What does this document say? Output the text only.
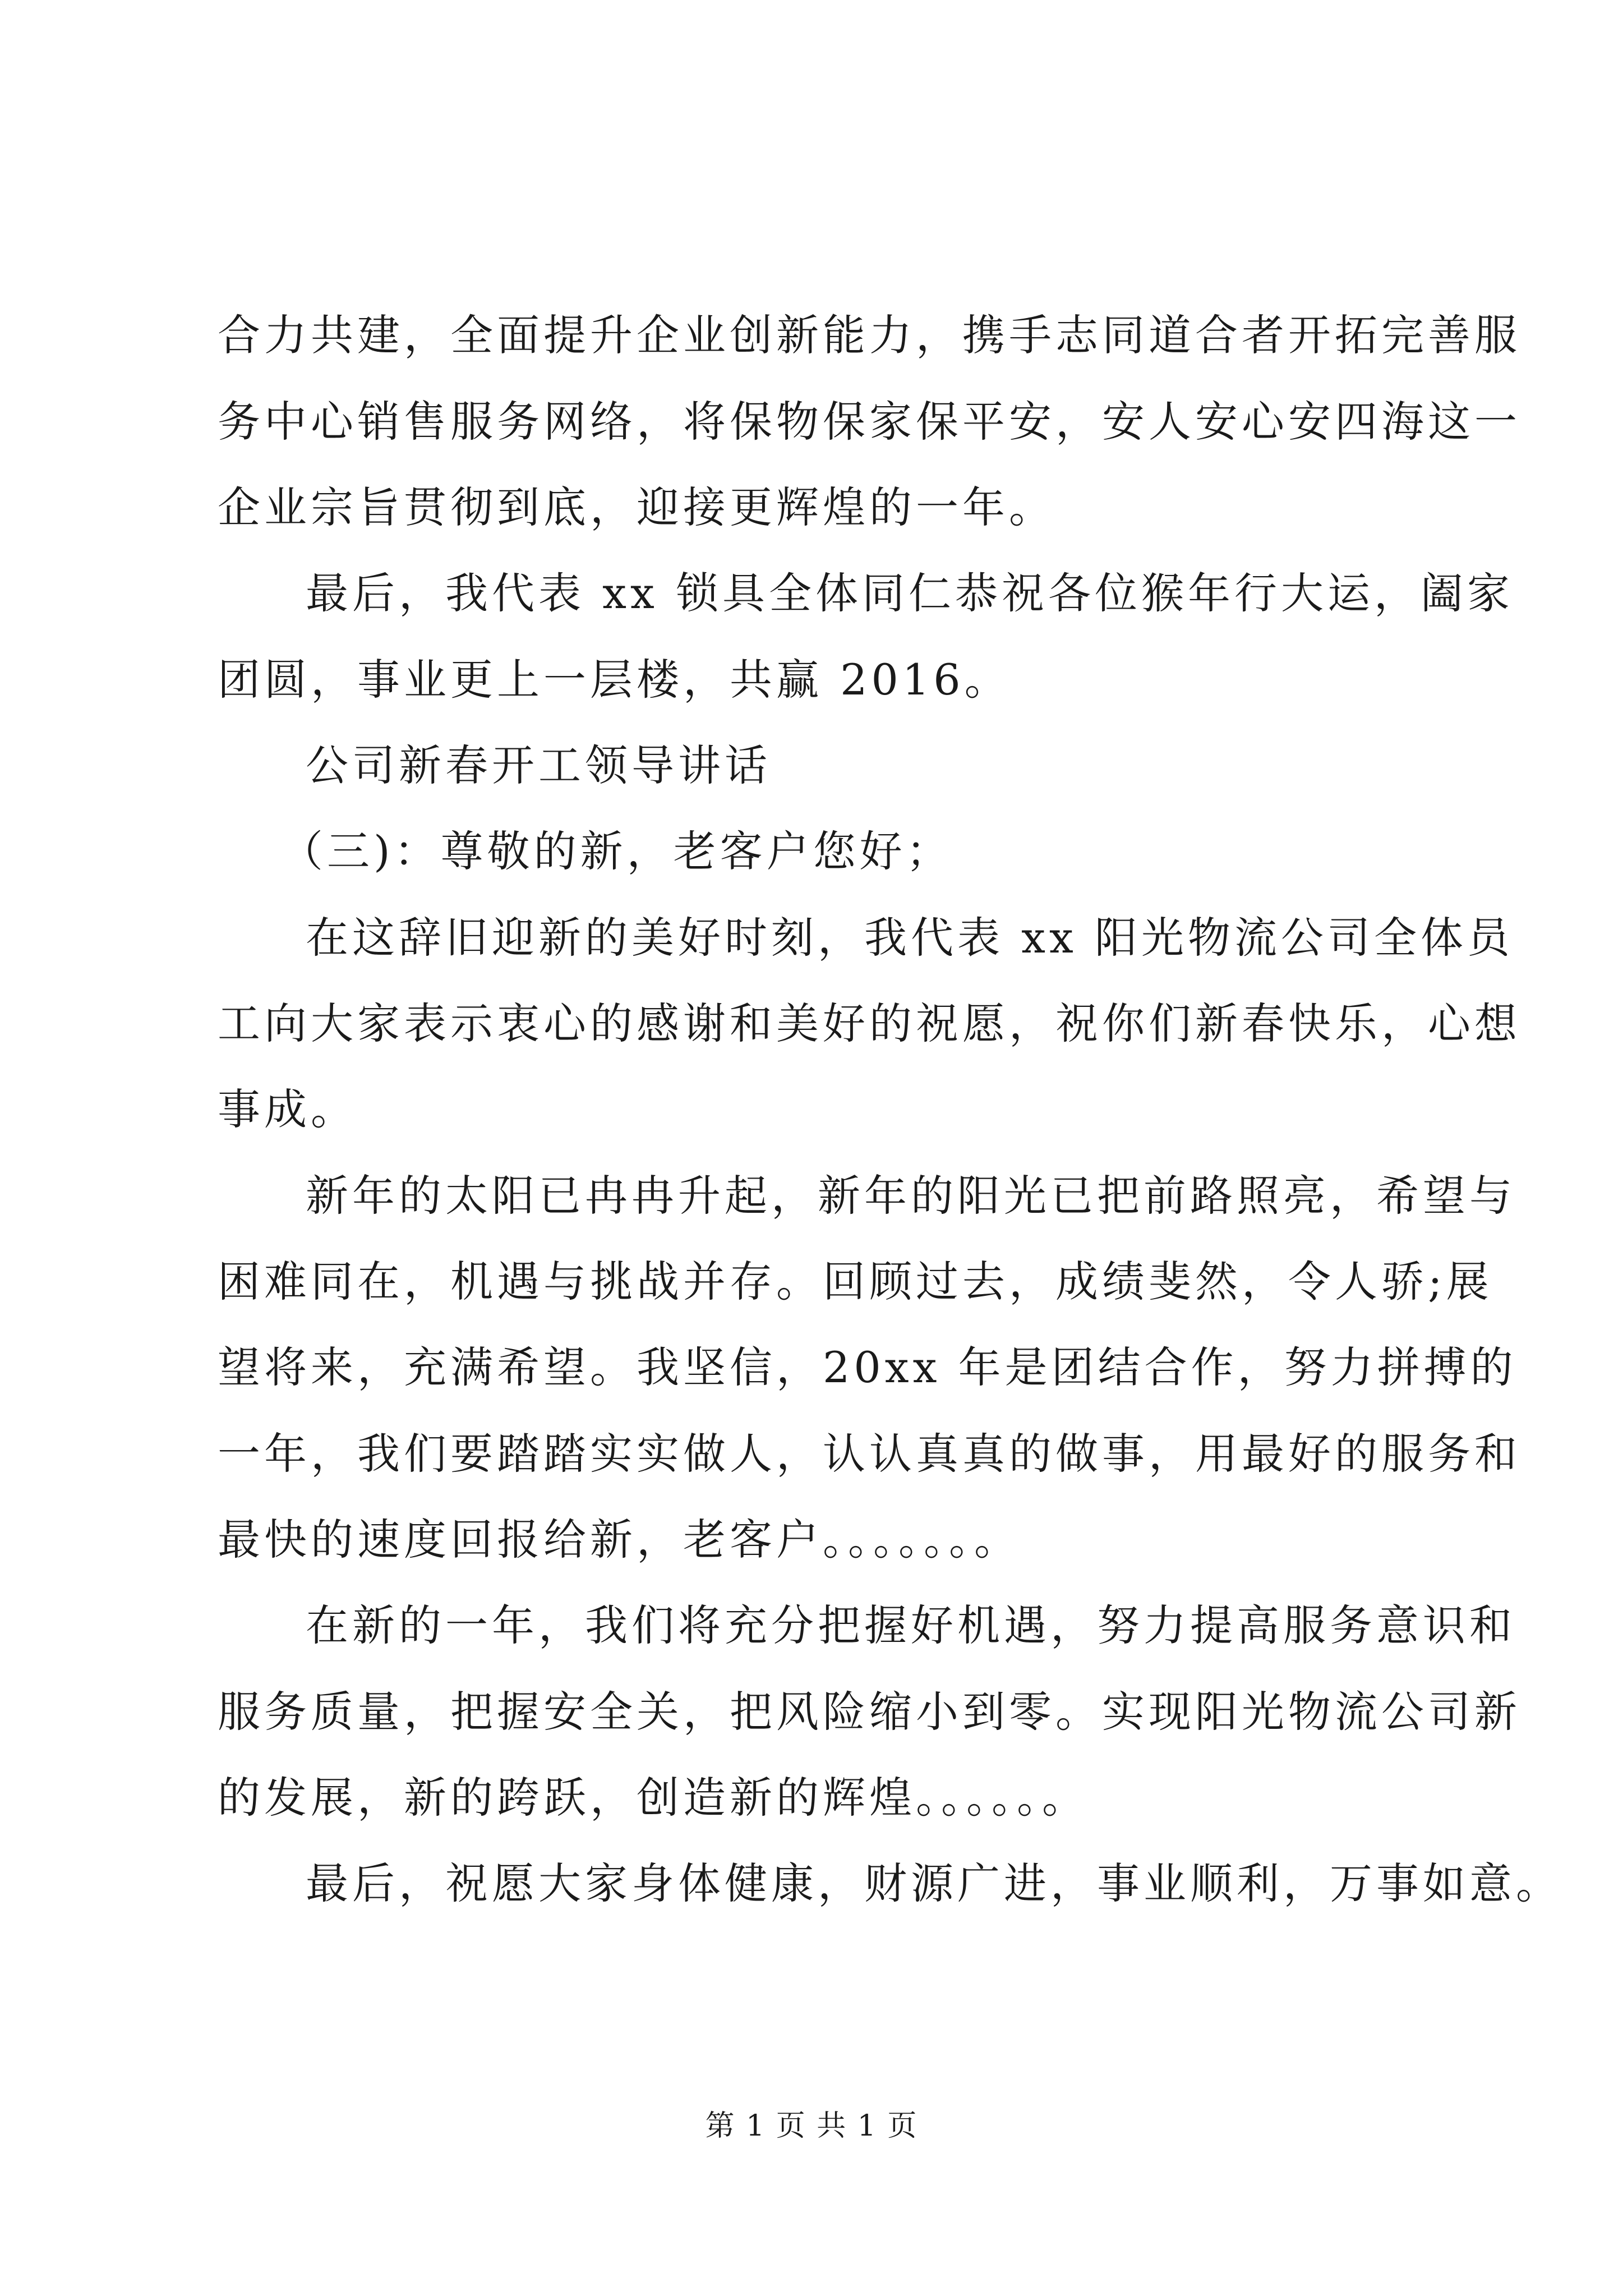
合力共建，全面提升企业创新能力，携手志同道合者开拓完善服
务中心销售服务网络，将保物保家保平安，安人安心安四海这一
企业宗旨贯彻到底，迎接更辉煌的一年。
最后，我代表 xx 锁具全体同仁恭祝各位猴年行大运，阖家
团圆，事业更上一层楼，共赢 2016。
公司新春开工领导讲话
（三)：尊敬的新，老客户您好；
在这辞旧迎新的美好时刻，我代表 xx 阳光物流公司全体员
工向大家表示衷心的感谢和美好的祝愿，祝你们新春快乐，心想
事成。
新年的太阳已冉冉升起，新年的阳光已把前路照亮，希望与
困难同在，机遇与挑战并存。回顾过去，成绩斐然，令人骄;展
望将来，充满希望。我坚信，20xx 年是团结合作，努力拼搏的
一年，我们要踏踏实实做人，认认真真的做事，用最好的服务和
最快的速度回报给新，老客户。。。。。。。
在新的一年，我们将充分把握好机遇，努力提高服务意识和
服务质量，把握安全关，把风险缩小到零。实现阳光物流公司新
的发展，新的跨跃，创造新的辉煌。。。。。。
最后，祝愿大家身体健康，财源广进，事业顺利，万事如意。
第 1 页 共 1 页
